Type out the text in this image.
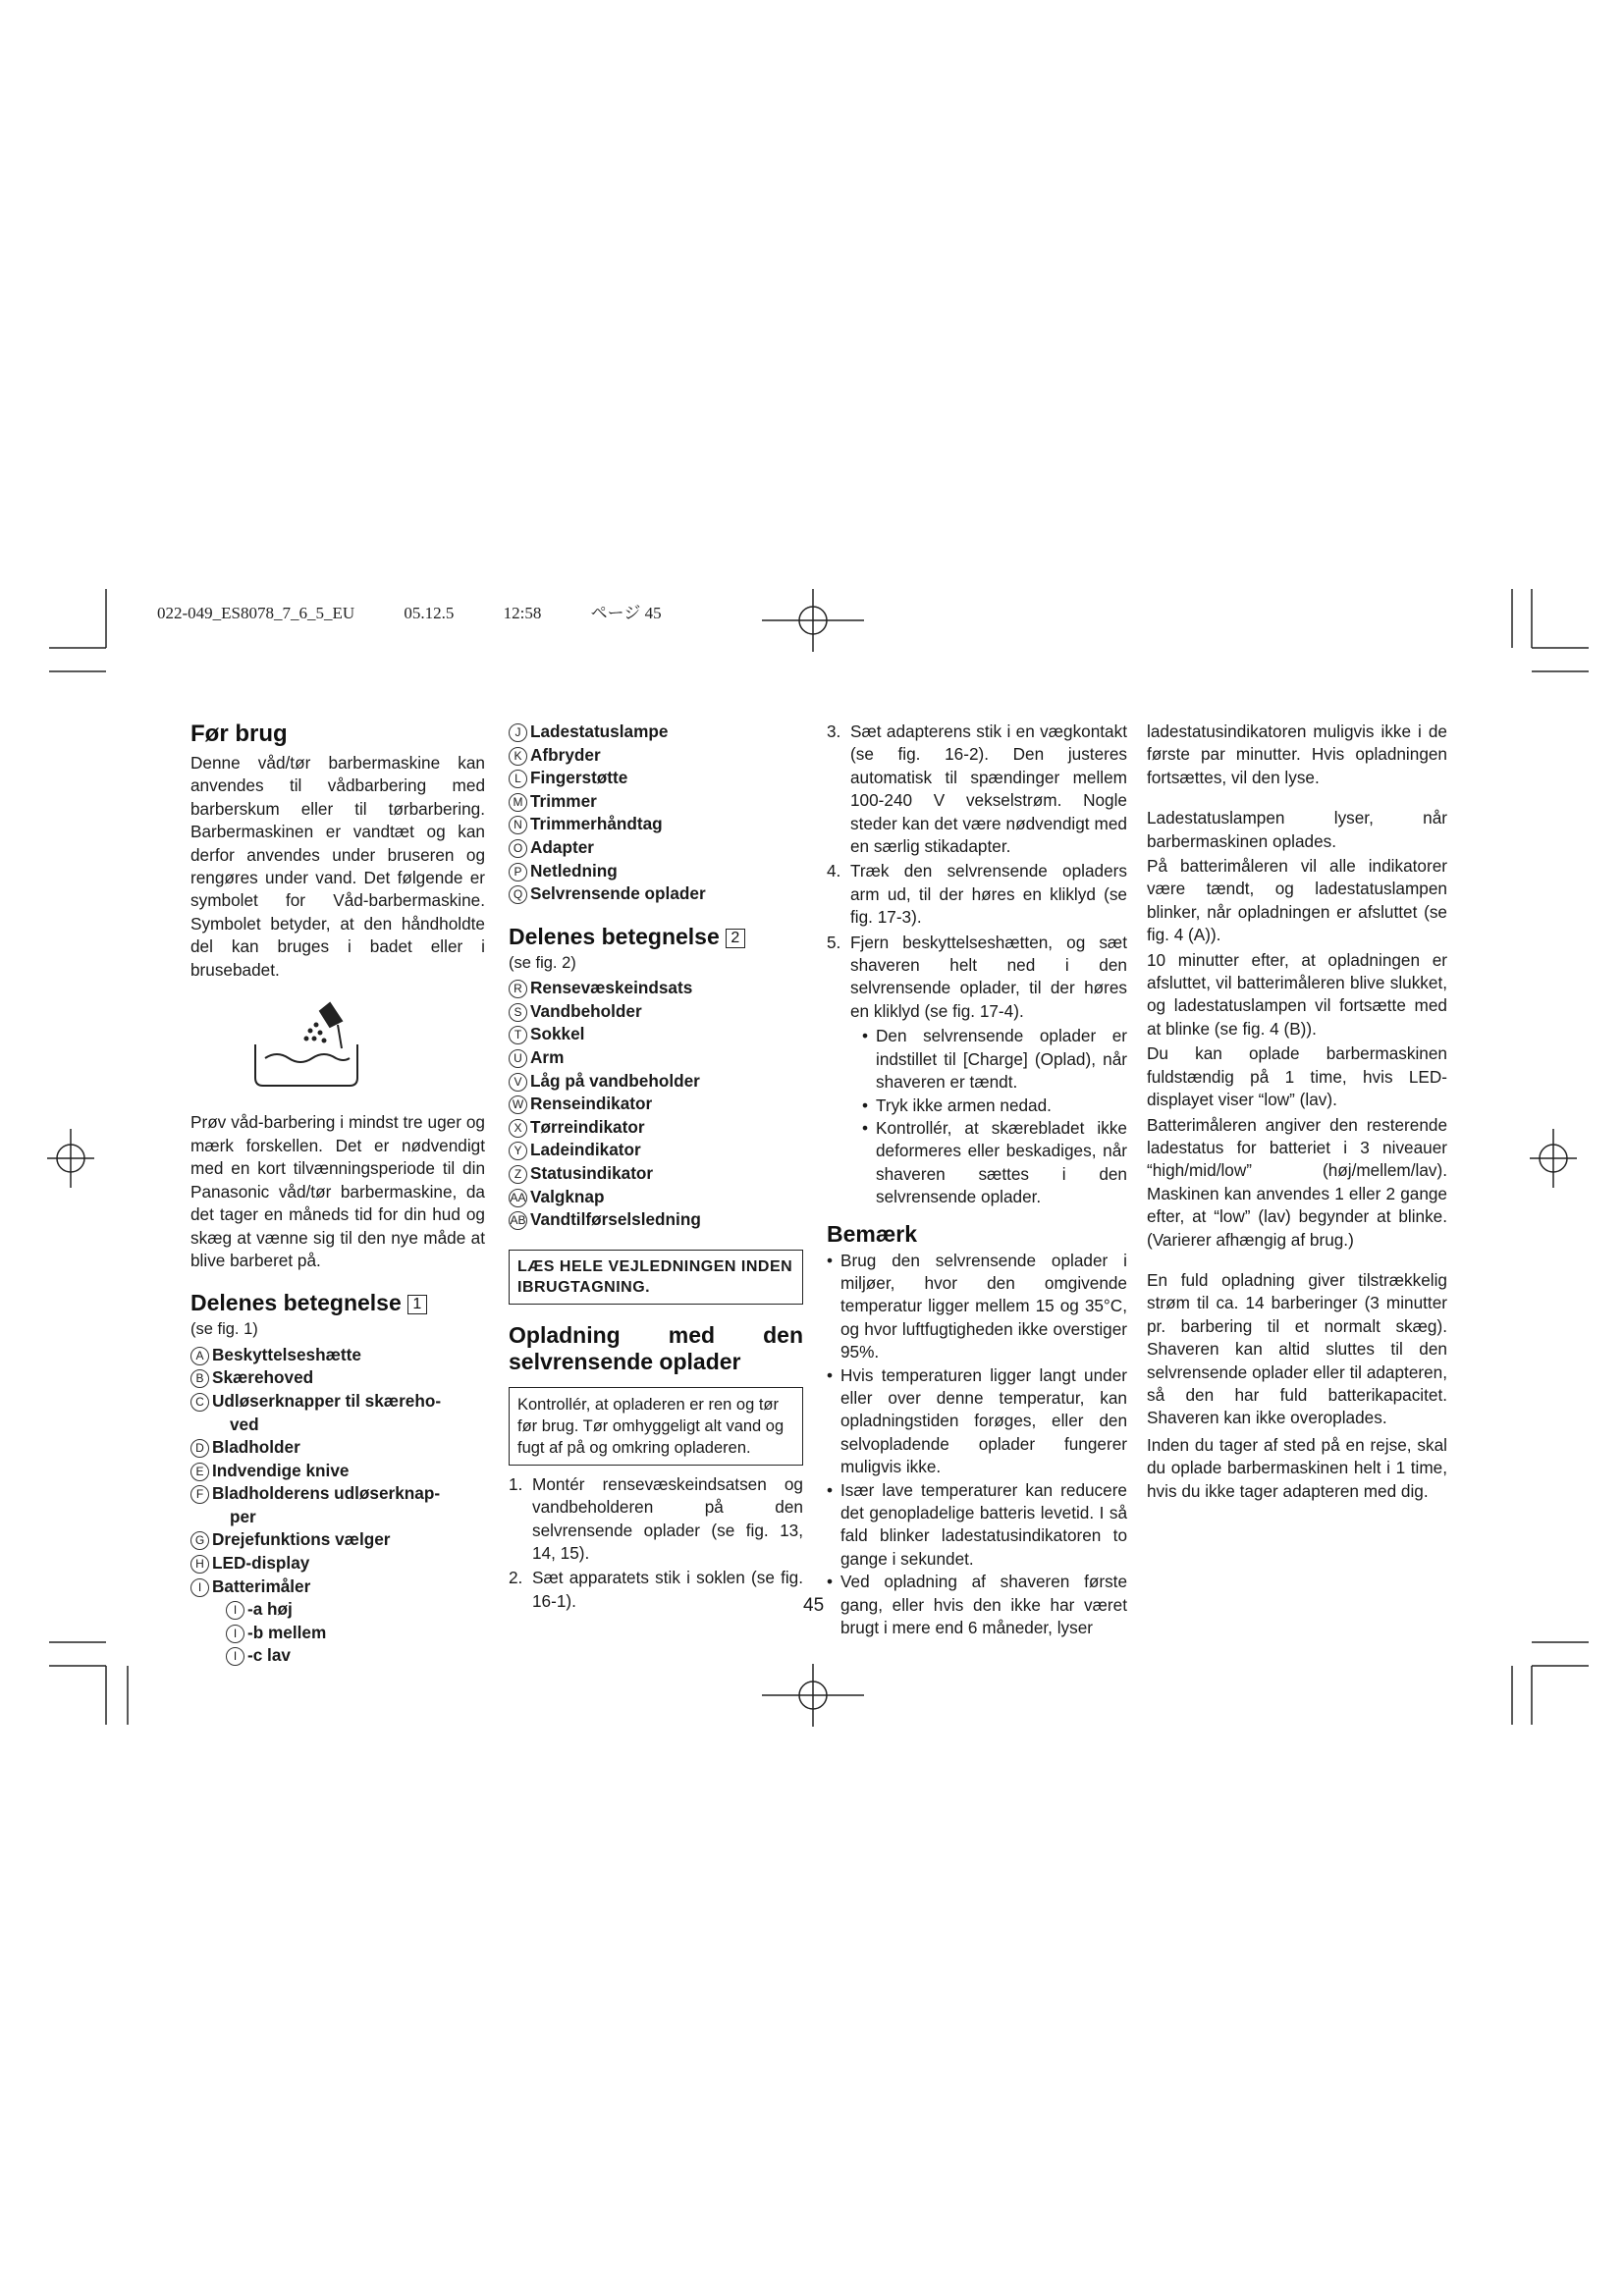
022-049_ES8078_7_6_5_EU	05.12.5	12:58	ページ 45
Før brug

Denne våd/tør barbermaskine kan anvendes til vådbarbering med barberskum eller til tørbarbering. Barbermaskinen er vandtæt og kan derfor anvendes under bruseren og rengøres under vand. Det følgende er symbolet for Våd-barbermaskine. Symbolet betyder, at den håndholdte del kan bruges i badet eller i brusebadet.

Prøv våd-barbering i mindst tre uger og mærk forskellen. Det er nødvendigt med en kort tilvænningsperiode til din Panasonic våd/tør barbermaskine, da det tager en måneds tid for din hud og skæg at vænne sig til den nye måde at blive barberet på.

Delenes betegnelse 1

(se fig. 1)

A Beskyttelseshætte
B Skærehoved
C Udløserknapper til skæreho-
ved
D Bladholder
E Indvendige knive
F Bladholderens udløserknap-
per
G Drejefunktions vælger
H LED-display
I Batterimåler
I -a høj
I -b mellem
I -c lav
J Ladestatuslampe
K Afbryder
L Fingerstøtte
M Trimmer
N Trimmerhåndtag
O Adapter
P Netledning
Q Selvrensende oplader
Delenes betegnelse 2

(se fig. 2)

R Rensevæskeindsats
S Vandbeholder
T Sokkel
U Arm
V Låg på vandbeholder
W Renseindikator
X Tørreindikator
Y Ladeindikator
Z Statusindikator
AA Valgknap
AB Vandtilførselsledning
LÆS HELE VEJLEDNINGEN INDEN IBRUGTAGNING.
Opladning med den selvrensende oplader
Kontrollér, at opladeren er ren og tør før brug. Tør omhyggeligt alt vand og fugt af på og omkring opladeren.
1. Montér rensevæskeindsatsen og vandbeholderen på den selvrensende oplader (se fig. 13, 14, 15).
2. Sæt apparatets stik i soklen (se fig. 16-1).
3. Sæt adapterens stik i en vægkontakt (se fig. 16-2). Den justeres automatisk til spændinger mellem 100-240 V vekselstrøm. Nogle steder kan det være nødvendigt med en særlig stikadapter.
4. Træk den selvrensende opladers arm ud, til der høres en kliklyd (se fig. 17-3).
5. Fjern beskyttelseshætten, og sæt shaveren helt ned i den selvrensende oplader, til der høres en kliklyd (se fig. 17-4).
• Den selvrensende oplader er indstillet til [Charge] (Oplad), når shaveren er tændt.
• Tryk ikke armen nedad.
• Kontrollér, at skærebladet ikke deformeres eller beskadiges, når shaveren sættes i den selvrensende oplader.
Bemærk
• Brug den selvrensende oplader i miljøer, hvor den omgivende temperatur ligger mellem 15 og 35°C, og hvor luftfugtigheden ikke overstiger 95%.
• Hvis temperaturen ligger langt under eller over denne temperatur, kan opladningstiden forøges, eller den selvopladende oplader fungerer muligvis ikke.
• Især lave temperaturer kan reducere det genopladelige batteris levetid. I så fald blinker ladestatusindikatoren to gange i sekundet.
• Ved opladning af shaveren første gang, eller hvis den ikke har været brugt i mere end 6 måneder, lyser

ladestatusindikatoren muligvis ikke i de første par minutter. Hvis opladningen fortsættes, vil den lyse.

Ladestatuslampen lyser, når barbermaskinen oplades.

På batterimåleren vil alle indikatorer være tændt, og ladestatuslampen blinker, når opladningen er afsluttet (se fig. 4 (A)).

10 minutter efter, at opladningen er afsluttet, vil batterimåleren blive slukket, og ladestatuslampen vil fortsætte med at blinke (se fig. 4 (B)).

Du kan oplade barbermaskinen fuldstændig på 1 time, hvis LED-displayet viser “low” (lav).

Batterimåleren angiver den resterende ladestatus for batteriet i 3 niveauer “high/mid/low” (høj/mellem/lav). Maskinen kan anvendes 1 eller 2 gange efter, at “low” (lav) begynder at blinke. (Varierer afhængig af brug.)

En fuld opladning giver tilstrækkelig strøm til ca. 14 barberinger (3 minutter pr. barbering til et normalt skæg). Shaveren kan altid sluttes til den selvrensende oplader eller til adapteren, så den har fuld batterikapacitet. Shaveren kan ikke overoplades.

Inden du tager af sted på en rejse, skal du oplade barbermaskinen helt i 1 time, hvis du ikke tager adapteren med dig.

45
